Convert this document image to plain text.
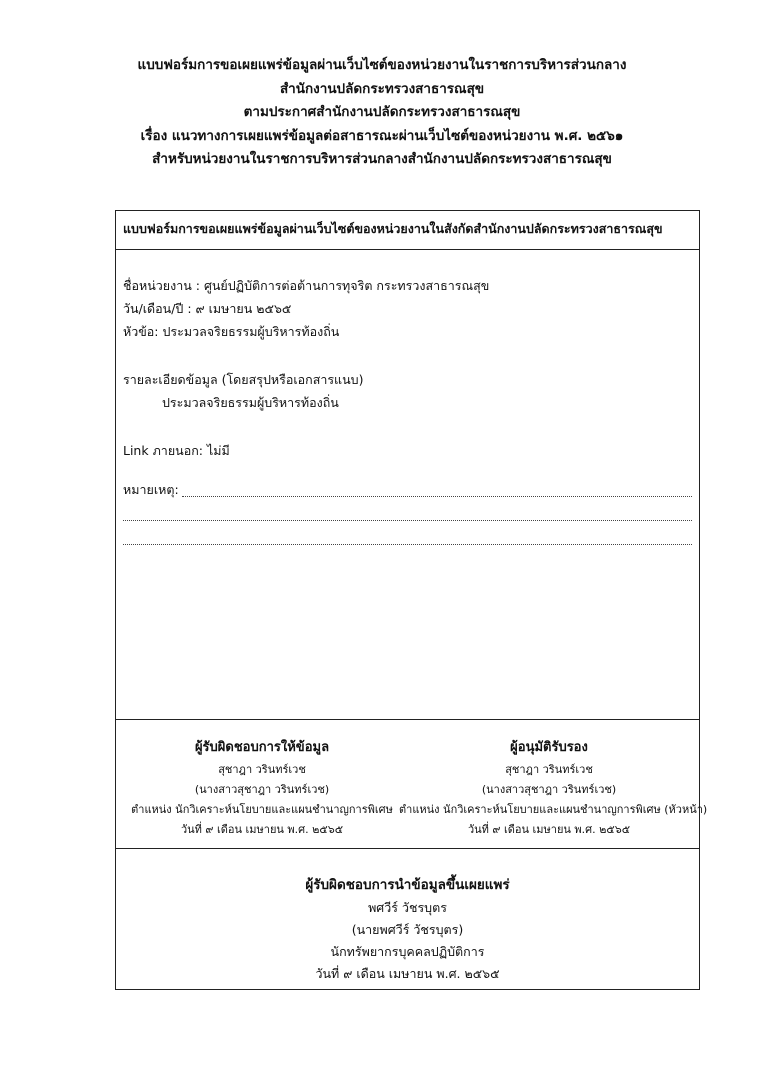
แบบฟอร์มการขอเผยแพร่ข้อมูลผ่านเว็บไซต์ของหน่วยงานในราชการบริหารส่วนกลาง
สำนักงานปลัดกระทรวงสาธารณสุข
ตามประกาศสำนักงานปลัดกระทรวงสาธารณสุข
เรื่อง แนวทางการเผยแพร่ข้อมูลต่อสาธารณะผ่านเว็บไซต์ของหน่วยงาน พ.ศ. ๒๕๖๑
สำหรับหน่วยงานในราชการบริหารส่วนกลางสำนักงานปลัดกระทรวงสาธารณสุข
แบบฟอร์มการขอเผยแพร่ข้อมูลผ่านเว็บไซต์ของหน่วยงานในสังกัดสำนักงานปลัดกระทรวงสาธารณสุข
ชื่อหน่วยงาน : ศูนย์ปฏิบัติการต่อต้านการทุจริต กระทรวงสาธารณสุข
วัน/เดือน/ปี : ๙ เมษายน ๒๕๖๕
หัวข้อ: ประมวลจริยธรรมผู้บริหารท้องถิ่น
รายละเอียดข้อมูล (โดยสรุปหรือเอกสารแนบ)
ประมวลจริยธรรมผู้บริหารท้องถิ่น
Link ภายนอก: ไม่มี
หมายเหตุ:
ผู้รับผิดชอบการให้ข้อมูล
สุชาฎา วรินทร์เวช
(นางสาวสุชาฎา วรินทร์เวช)
ตำแหน่ง นักวิเคราะห์นโยบายและแผนชำนาญการพิเศษ
วันที่ ๙ เดือน เมษายน พ.ศ. ๒๕๖๕
ผู้อนุมัติรับรอง
สุชาฎา วรินทร์เวช
(นางสาวสุชาฎา วรินทร์เวช)
ตำแหน่ง นักวิเคราะห์นโยบายและแผนชำนาญการพิเศษ (หัวหน้า)
วันที่ ๙ เดือน เมษายน พ.ศ. ๒๕๖๕
ผู้รับผิดชอบการนำข้อมูลขึ้นเผยแพร่
พศวีร์ วัชรบุตร
(นายพศวีร์ วัชรบุตร)
นักทรัพยากรบุคคลปฏิบัติการ
วันที่ ๙ เดือน เมษายน พ.ศ. ๒๕๖๕
